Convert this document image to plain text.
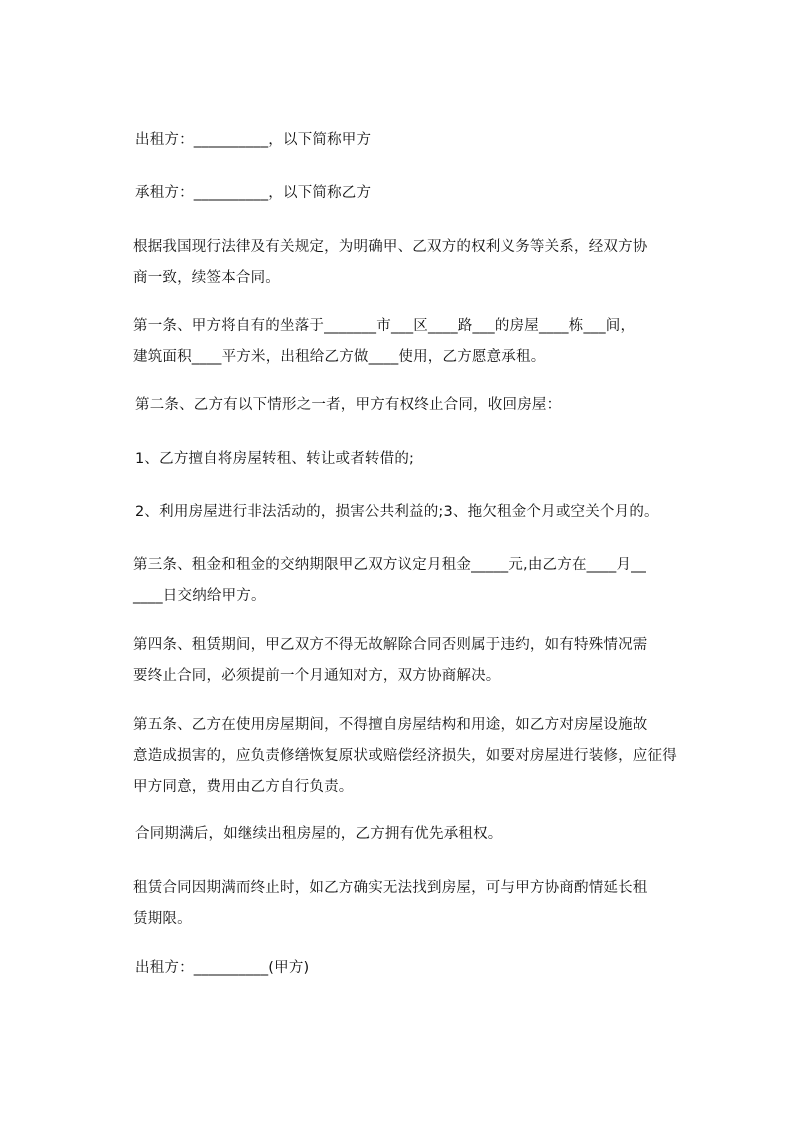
出租方：__________，以下简称甲方

承租方：__________，以下简称乙方

根据我国现行法律及有关规定，为明确甲、乙双方的权利义务等关系，经双方协
商一致，续签本合同。

第一条、甲方将自有的坐落于_______市___区____路___的房屋____栋___间，
建筑面积____平方米，出租给乙方做____使用，乙方愿意承租。

第二条、乙方有以下情形之一者，甲方有权终止合同，收回房屋：

1、乙方擅自将房屋转租、转让或者转借的;

2、利用房屋进行非法活动的，损害公共利益的;3、拖欠租金个月或空关个月的。

第三条、租金和租金的交纳期限甲乙双方议定月租金_____元,由乙方在____月__
____日交纳给甲方。

第四条、租赁期间，甲乙双方不得无故解除合同否则属于违约，如有特殊情况需
要终止合同，必须提前一个月通知对方，双方协商解决。

第五条、乙方在使用房屋期间，不得擅自房屋结构和用途，如乙方对房屋设施故
意造成损害的，应负责修缮恢复原状或赔偿经济损失，如要对房屋进行装修，应征得
甲方同意，费用由乙方自行负责。

合同期满后，如继续出租房屋的，乙方拥有优先承租权。

租赁合同因期满而终止时，如乙方确实无法找到房屋，可与甲方协商酌情延长租
赁期限。

出租方：__________(甲方)
